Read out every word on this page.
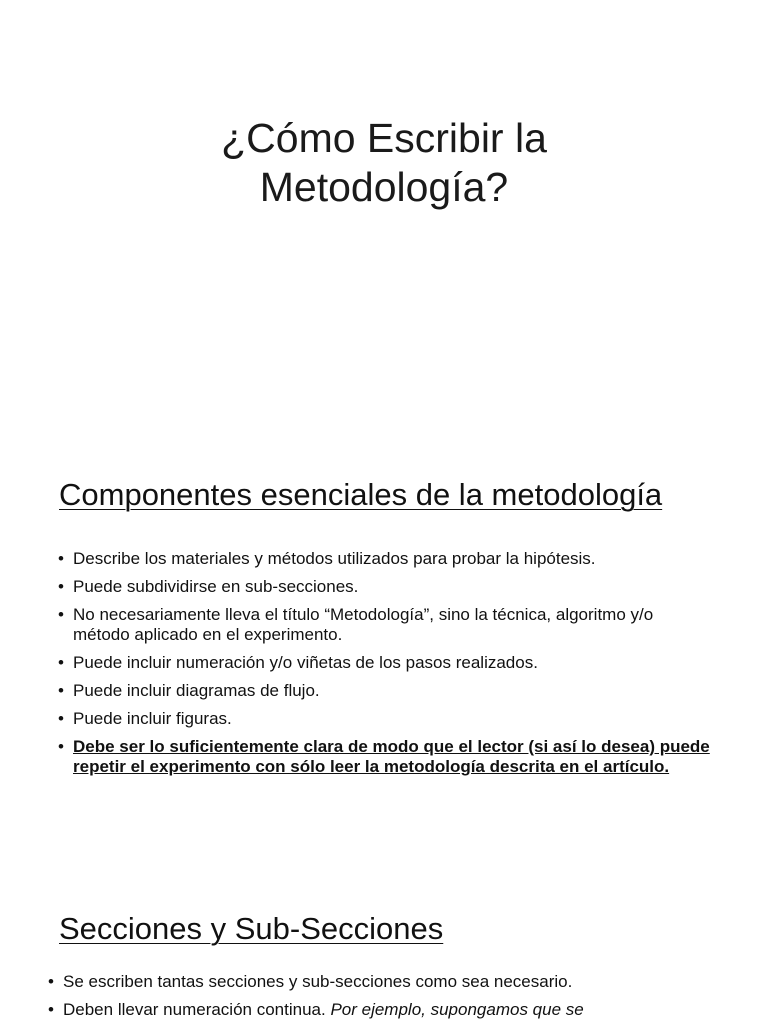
¿Cómo Escribir la
Metodología?
Componentes esenciales de la metodología
• Describe los materiales y métodos utilizados para probar la hipótesis.
• Puede subdividirse en sub-secciones.
• No necesariamente lleva el título “Metodología”, sino la técnica, algoritmo y/o método aplicado en el experimento.
• Puede incluir numeración y/o viñetas de los pasos realizados.
• Puede incluir diagramas de flujo.
• Puede incluir figuras.
• Debe ser lo suficientemente clara de modo que el lector (si así lo desea) puede repetir el experimento con sólo leer la metodología descrita en el artículo.
Secciones y Sub-Secciones
• Se escriben tantas secciones y sub-secciones como sea necesario.
• Deben llevar numeración continua. Por ejemplo, supongamos que se
